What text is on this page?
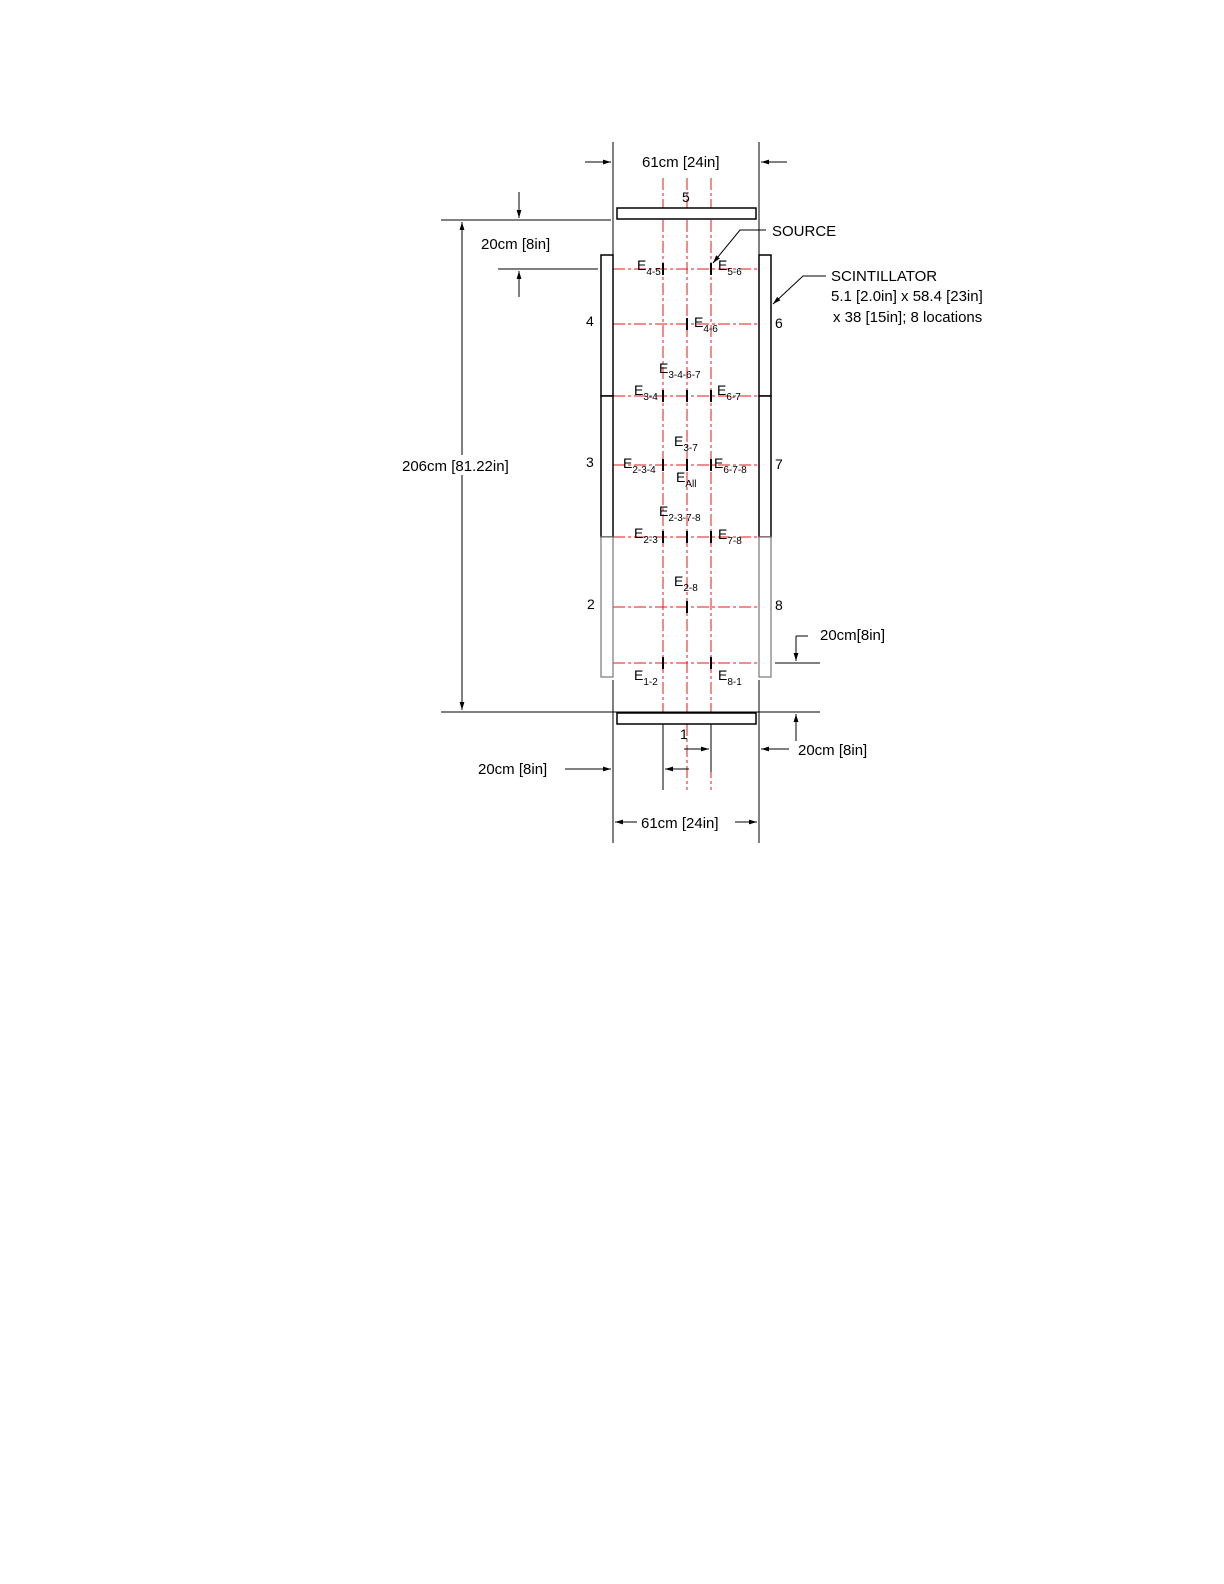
61cm [24in]
61cm [24in]
206cm [81.22in]
20cm [8in]
20cm[8in]
20cm [8in]
20cm [8in]
SOURCE
SCINTILLATOR
5.1 [2.0in] x 58.4 [23in]
x 38 [15in]; 8 locations
1
2
3
4
5
6
7
8
$E_{4-5}$	$E_{5-6}$
$E_{4-6}$
$E_{3-4-6-7}$
$E_{3-4}$	$E_{6-7}$
$E_{3-7}$
$E_{2-3-4}$ $E_{All}$
$E_{6-7-8}$
$E_{2-3-7-8}$
$E_{2-3}$	$E_{7-8}$
$E_{2-8}$
$E_{1-2}$	$E_{8-1}$
